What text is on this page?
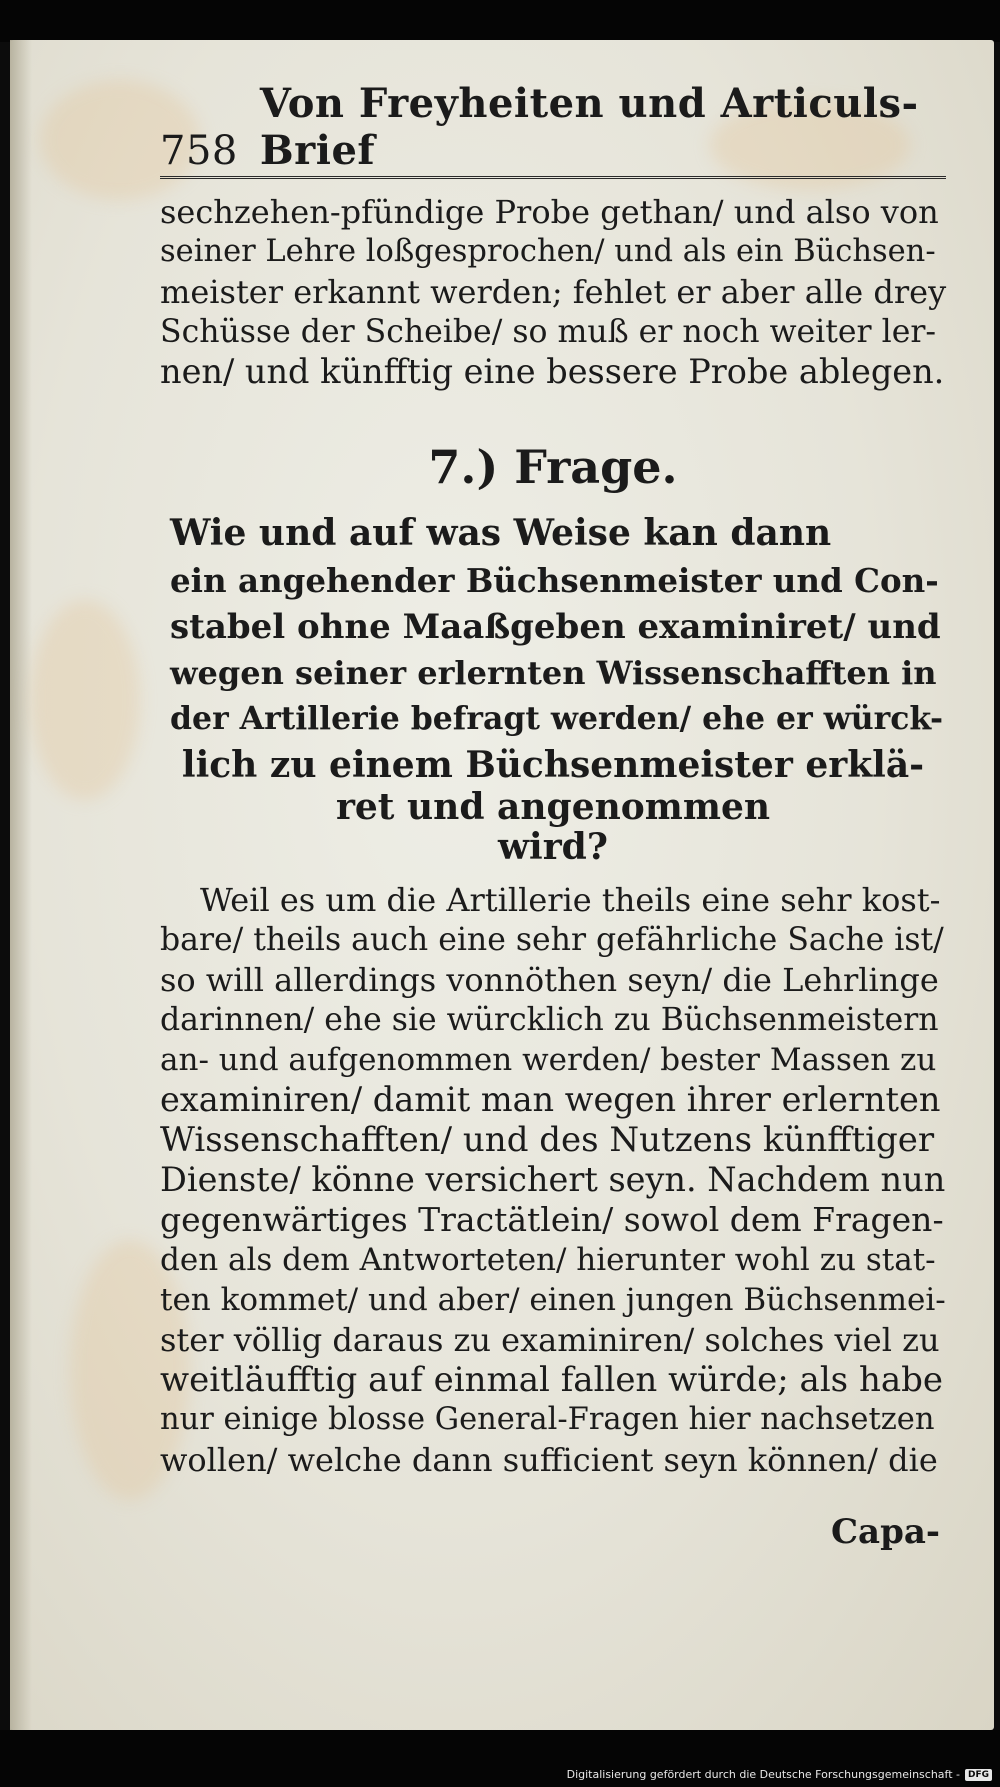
758
Von Freyheiten und Articuls-Brief
sechzehen-pfündige Probe gethan/ und also von
seiner Lehre loßgesprochen/ und als ein Büchsen-
meister erkannt werden; fehlet er aber alle drey
Schüsse der Scheibe/ so muß er noch weiter ler-
nen/ und künfftig eine bessere Probe ablegen.
7.) Frage.
Wie und auf was Weise kan dann
ein angehender Büchsenmeister und Con-
stabel ohne Maaßgeben examiniret/ und
wegen seiner erlernten Wissenschafften in
der Artillerie befragt werden/ ehe er würck-
lich zu einem Büchsenmeister erklä-
ret und angenommen
wird?
Weil es um die Artillerie theils eine sehr kost-
bare/ theils auch eine sehr gefährliche Sache ist/
so will allerdings vonnöthen seyn/ die Lehrlinge
darinnen/ ehe sie würcklich zu Büchsenmeistern
an- und aufgenommen werden/ bester Massen zu
examiniren/ damit man wegen ihrer erlernten
Wissenschafften/ und des Nutzens künfftiger
Dienste/ könne versichert seyn. Nachdem nun
gegenwärtiges Tractätlein/ sowol dem Fragen-
den als dem Antworteten/ hierunter wohl zu stat-
ten kommet/ und aber/ einen jungen Büchsenmei-
ster völlig daraus zu examiniren/ solches viel zu
weitläufftig auf einmal fallen würde; als habe
nur einige blosse General-Fragen hier nachsetzen
wollen/ welche dann sufficient seyn können/ die
Capa-
Digitalisierung gefördert durch die Deutsche Forschungsgemeinschaft - DFG
